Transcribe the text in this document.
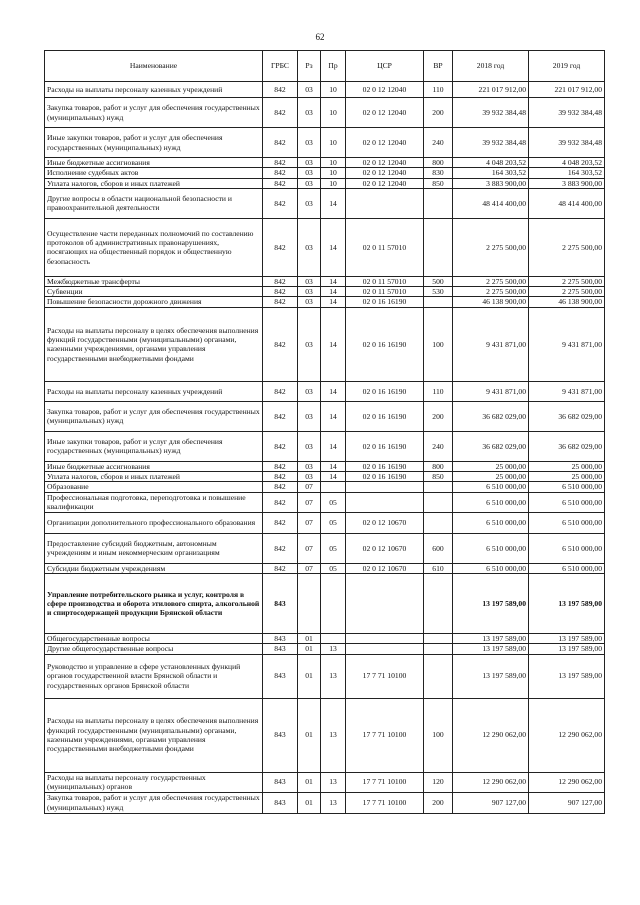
62
Наименование	ГРБС	Рз	Пр	ЦСР	ВР	2018 год	2019 год
Расходы на выплаты персоналу казенных учреждений	842	03	10	02 0 12 12040	110	221 017 912,00	221 017 912,00
Закупка товаров, работ и услуг для обеспечения государственных (муниципальных) нужд	842	03	10	02 0 12 12040	200	39 932 384,48	39 932 384,48
Иные закупки товаров, работ и услуг для обеспечения государственных (муниципальных) нужд	842	03	10	02 0 12 12040	240	39 932 384,48	39 932 384,48
Иные бюджетные ассигнования	842	03	10	02 0 12 12040	800	4 048 203,52	4 048 203,52
Исполнение судебных актов	842	03	10	02 0 12 12040	830	164 303,52	164 303,52
Уплата налогов, сборов и иных платежей	842	03	10	02 0 12 12040	850	3 883 900,00	3 883 900,00
Другие вопросы в области национальной безопасности и правоохранительной деятельности	842	03	14			48 414 400,00	48 414 400,00
Осуществление части переданных полномочий по составлению протоколов об административных правонарушениях, посягающих на общественный порядок и общественную безопасность	842	03	14	02 0 11 57010		2 275 500,00	2 275 500,00
Межбюджетные трансферты	842	03	14	02 0 11 57010	500	2 275 500,00	2 275 500,00
Субвенции	842	03	14	02 0 11 57010	530	2 275 500,00	2 275 500,00
Повышение безопасности дорожного движения	842	03	14	02 0 16 16190		46 138 900,00	46 138 900,00
Расходы на выплаты персоналу в целях обеспечения выполнения функций государственными (муниципальными) органами, казенными учреждениями, органами управления государственными внебюджетными фондами	842	03	14	02 0 16 16190	100	9 431 871,00	9 431 871,00
Расходы на выплаты персоналу казенных учреждений	842	03	14	02 0 16 16190	110	9 431 871,00	9 431 871,00
Закупка товаров, работ и услуг для обеспечения государственных (муниципальных) нужд	842	03	14	02 0 16 16190	200	36 682 029,00	36 682 029,00
Иные закупки товаров, работ и услуг для обеспечения государственных (муниципальных) нужд	842	03	14	02 0 16 16190	240	36 682 029,00	36 682 029,00
Иные бюджетные ассигнования	842	03	14	02 0 16 16190	800	25 000,00	25 000,00
Уплата налогов, сборов и иных платежей	842	03	14	02 0 16 16190	850	25 000,00	25 000,00
Образование	842	07				6 510 000,00	6 510 000,00
Профессиональная подготовка, переподготовка и повышение квалификации	842	07	05			6 510 000,00	6 510 000,00
Организации дополнительного профессионального образования	842	07	05	02 0 12 10670		6 510 000,00	6 510 000,00
Предоставление субсидий бюджетным, автономным учреждениям и иным некоммерческим организациям	842	07	05	02 0 12 10670	600	6 510 000,00	6 510 000,00
Субсидии бюджетным учреждениям	842	07	05	02 0 12 10670	610	6 510 000,00	6 510 000,00
Управление потребительского рынка и услуг, контроля в сфере производства и оборота этилового спирта, алкогольной и спиртосодержащей продукции Брянской области	843					13 197 589,00	13 197 589,00
Общегосударственные вопросы	843	01				13 197 589,00	13 197 589,00
Другие общегосударственные вопросы	843	01	13			13 197 589,00	13 197 589,00
Руководство и управление в сфере установленных функций органов государственной власти Брянской области и государственных органов Брянской области	843	01	13	17 7 71 10100		13 197 589,00	13 197 589,00
Расходы на выплаты персоналу в целях обеспечения выполнения функций государственными (муниципальными) органами, казенными учреждениями, органами управления государственными внебюджетными фондами	843	01	13	17 7 71 10100	100	12 290 062,00	12 290 062,00
Расходы на выплаты персоналу государственных (муниципальных) органов	843	01	13	17 7 71 10100	120	12 290 062,00	12 290 062,00
Закупка товаров, работ и услуг для обеспечения государственных (муниципальных) нужд	843	01	13	17 7 71 10100	200	907 127,00	907 127,00
